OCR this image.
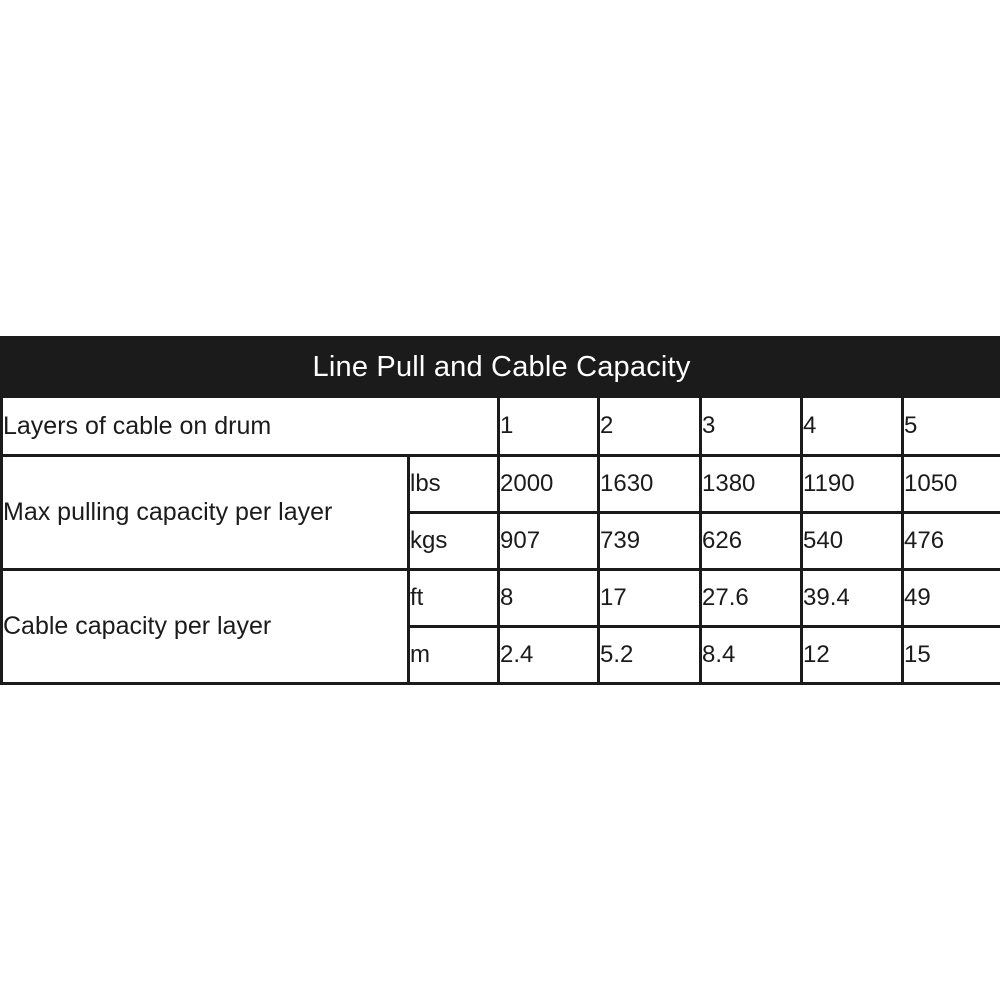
Line Pull and Cable Capacity						
Layers of cable on drum		1	2	3	4	5
Max pulling capacity per layer	lbs	2000	1630	1380	1190	1050
	kgs	907	739	626	540	476
Cable capacity per layer	ft	8	17	27.6	39.4	49
	m	2.4	5.2	8.4	12	15
